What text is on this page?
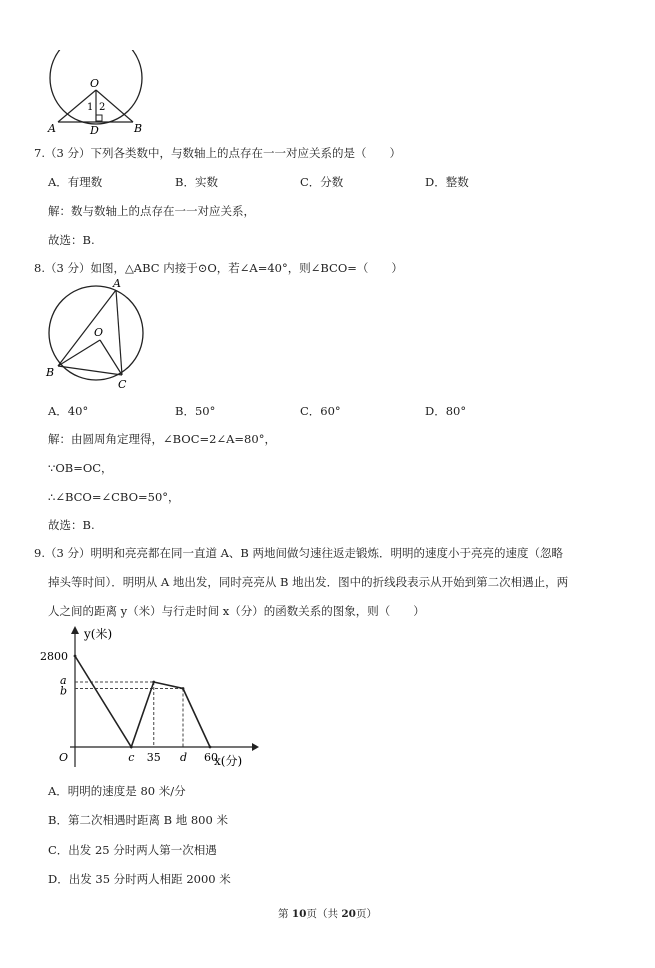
O
A	D	B
1 2
7.（3 分）下列各类数中，与数轴上的点存在一一对应关系的是（　　）
A．有理数	B．实数	C．分数	D．整数
解：数与数轴上的点存在一一对应关系，
故选：B.
8.（3 分）如图，△ABC 内接于⊙O，若∠A=40°，则∠BCO=（　　）
A
O
B
C
A．40°	B．50°	C．60°	D．80°
解：由圆周角定理得，∠BOC=2∠A=80°，
∵OB=OC，
∴∠BCO=∠CBO=50°，
故选：B.
9.（3 分）明明和亮亮都在同一直道 A、B 两地间做匀速往返走锻炼．明明的速度小于亮亮的速度（忽略
掉头等时间）．明明从 A 地出发，同时亮亮从 B 地出发．图中的折线段表示从开始到第二次相遇止，两
人之间的距离 y（米）与行走时间 x（分）的函数关系的图象，则（　　）
y(米)
x(分)
O	c 35 d 60
2800
a
b
A．明明的速度是 80 米/分
B．第二次相遇时距离 B 地 800 米
C．出发 25 分时两人第一次相遇
D．出发 35 分时两人相距 2000 米
第 10页（共 20页）
